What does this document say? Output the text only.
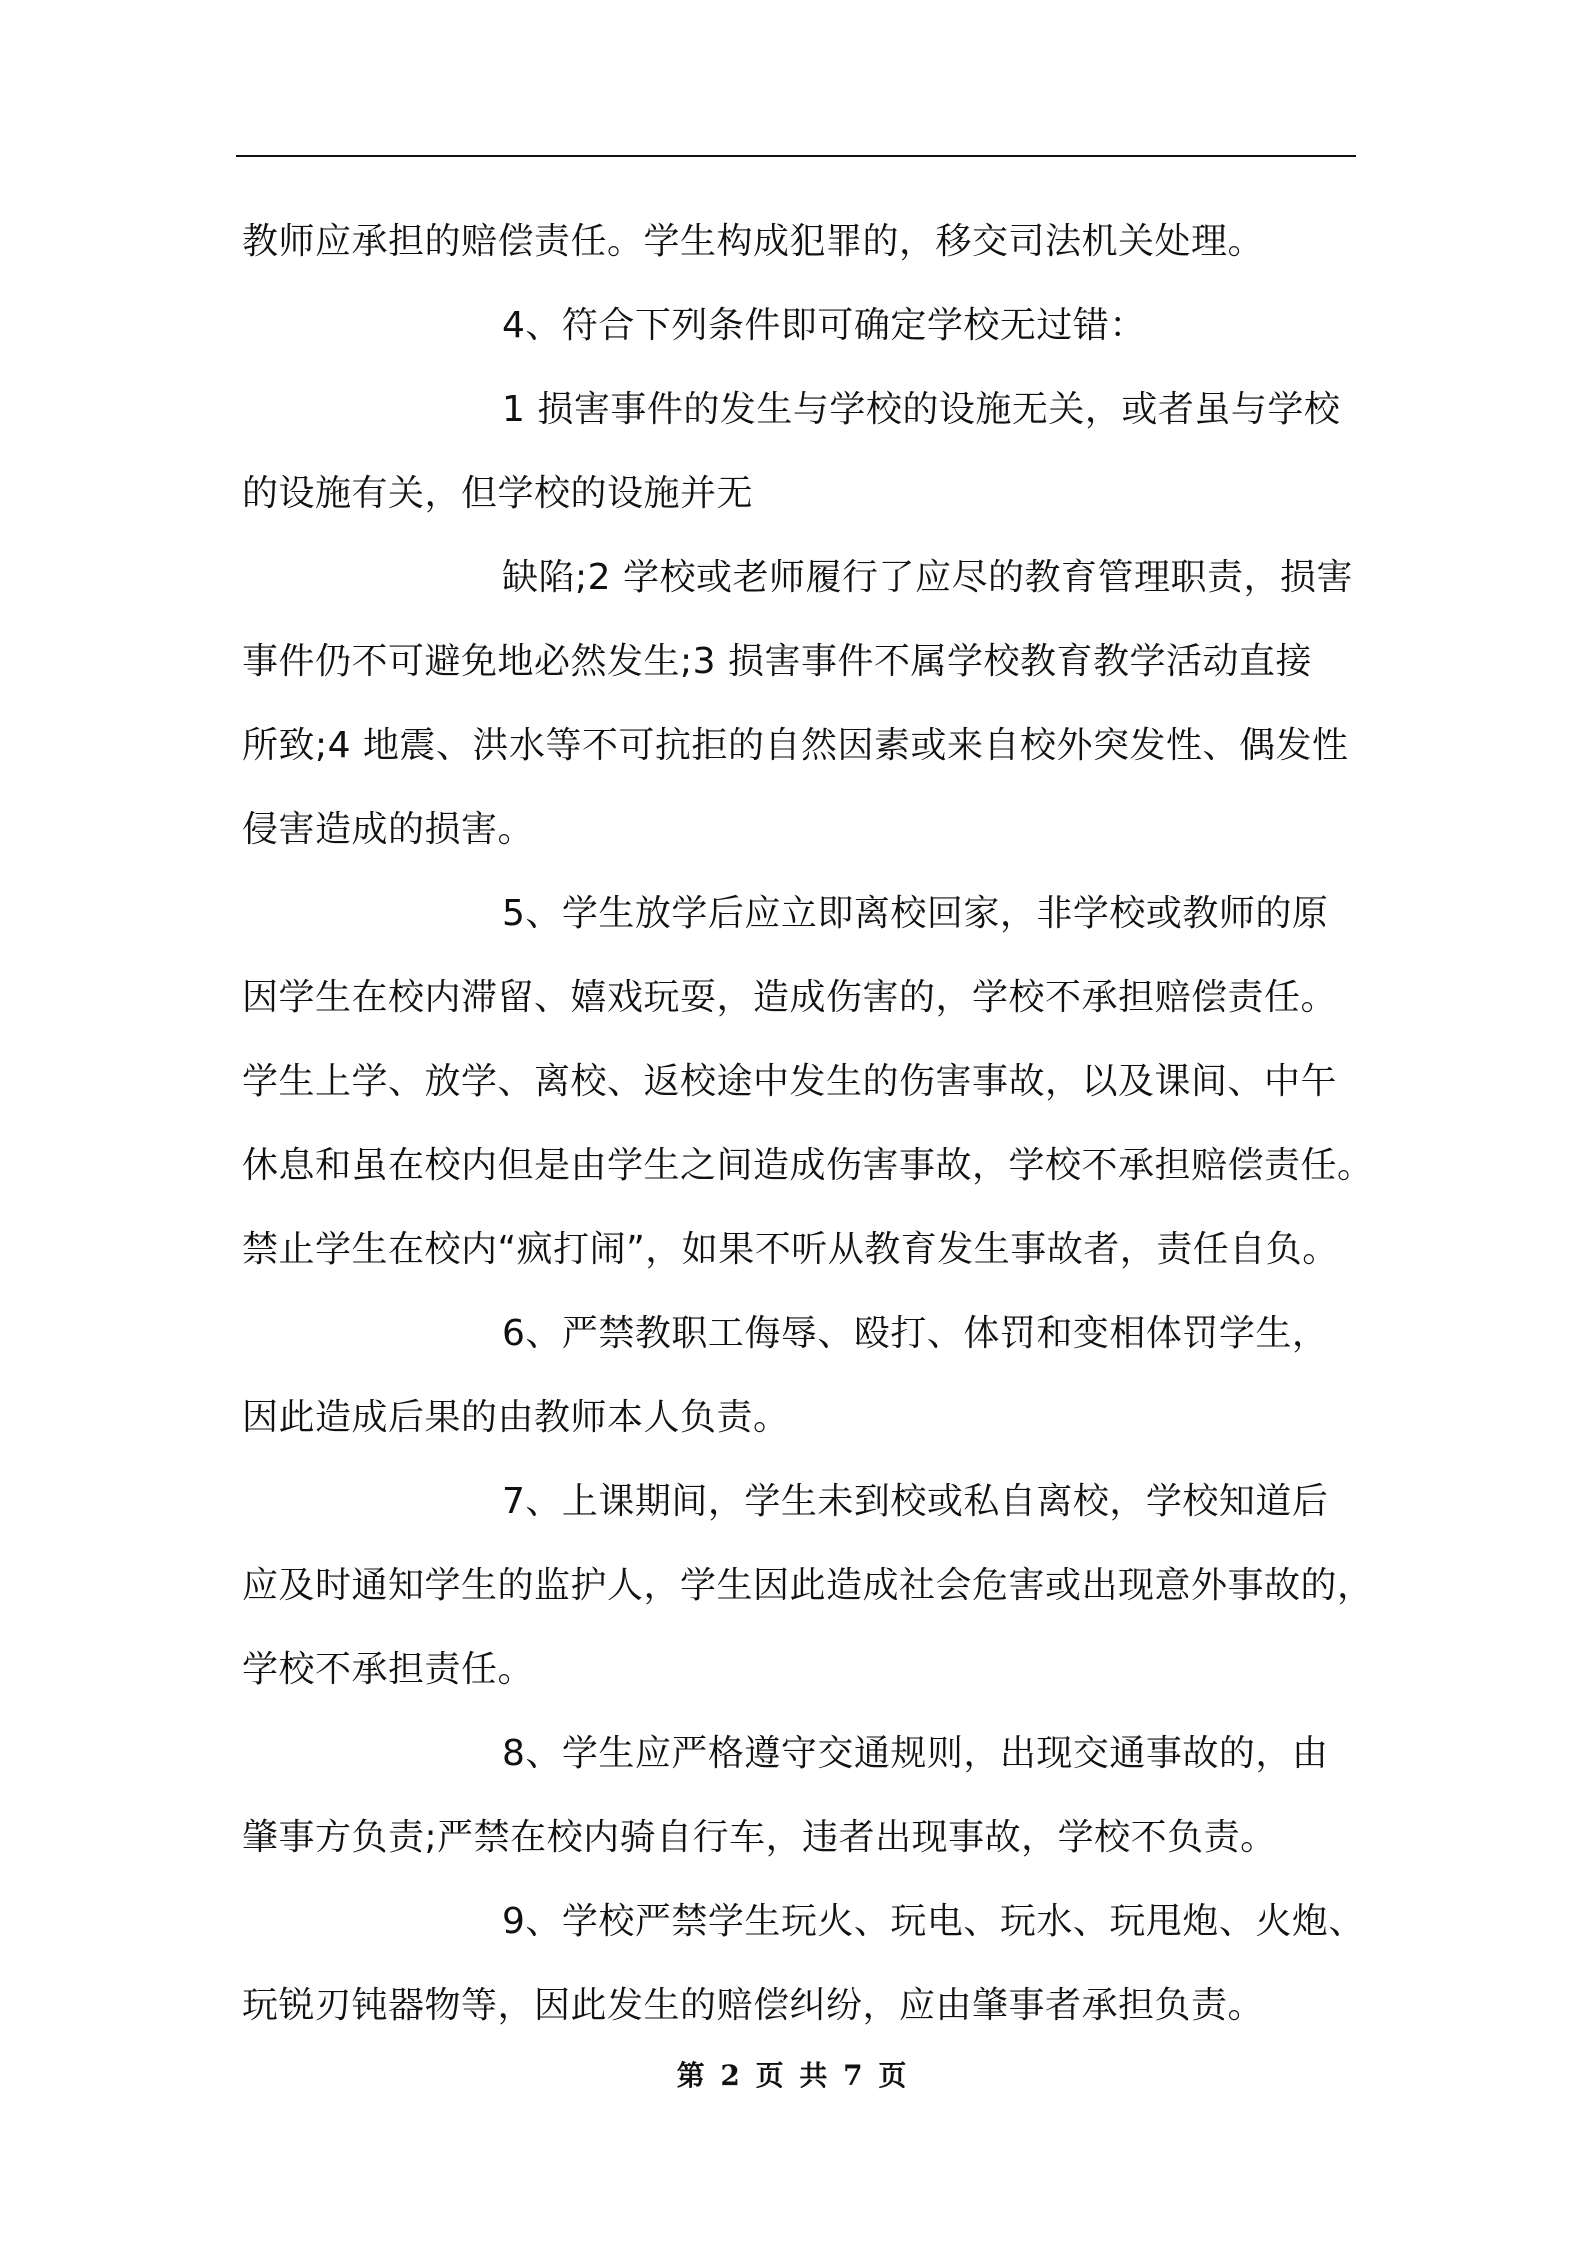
教师应承担的赔偿责任。学生构成犯罪的，移交司法机关处理。
4、符合下列条件即可确定学校无过错：
1 损害事件的发生与学校的设施无关，或者虽与学校
的设施有关，但学校的设施并无
缺陷;2 学校或老师履行了应尽的教育管理职责，损害
事件仍不可避免地必然发生;3 损害事件不属学校教育教学活动直接
所致;4 地震、洪水等不可抗拒的自然因素或来自校外突发性、偶发性
侵害造成的损害。
5、学生放学后应立即离校回家，非学校或教师的原
因学生在校内滞留、嬉戏玩耍，造成伤害的，学校不承担赔偿责任。
学生上学、放学、离校、返校途中发生的伤害事故，以及课间、中午
休息和虽在校内但是由学生之间造成伤害事故，学校不承担赔偿责任。
禁止学生在校内“疯打闹”，如果不听从教育发生事故者，责任自负。
6、严禁教职工侮辱、殴打、体罚和变相体罚学生，
因此造成后果的由教师本人负责。
7、上课期间，学生未到校或私自离校，学校知道后
应及时通知学生的监护人，学生因此造成社会危害或出现意外事故的，
学校不承担责任。
8、学生应严格遵守交通规则，出现交通事故的，由
肇事方负责;严禁在校内骑自行车，违者出现事故，学校不负责。
9、学校严禁学生玩火、玩电、玩水、玩甩炮、火炮、
玩锐刃钝器物等，因此发生的赔偿纠纷，应由肇事者承担负责。
第 2 页 共 7 页
